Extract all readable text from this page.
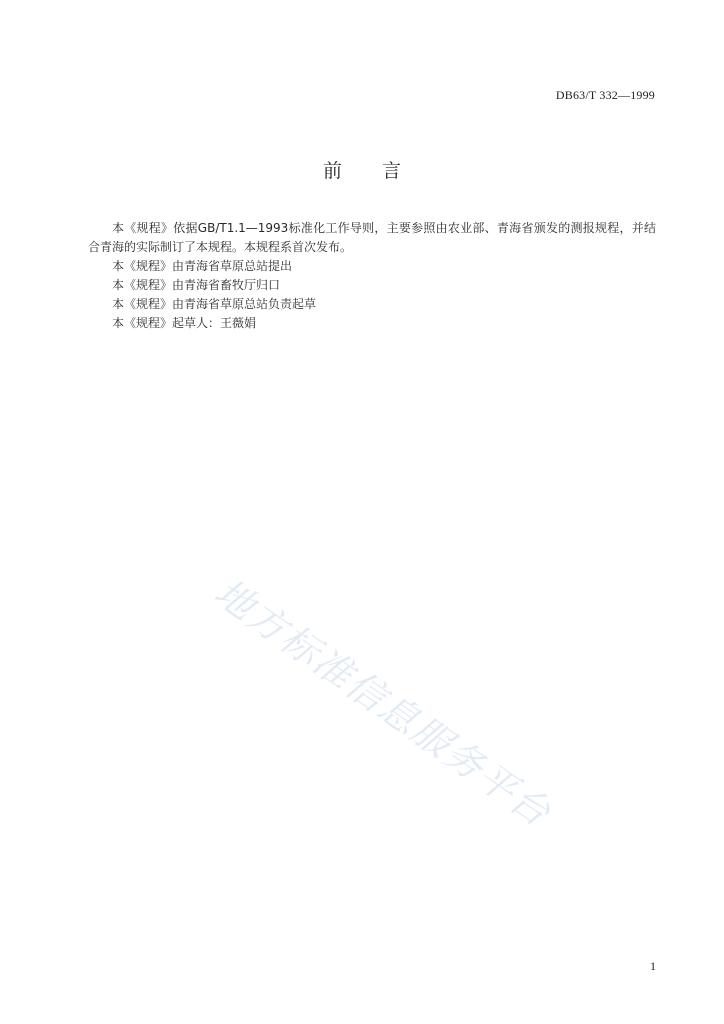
DB63/T 332—1999
前 言

本《规程》依据GB/T1.1—1993标准化工作导则，主要参照由农业部、青海省颁发的测报规程，并结合青海的实际制订了本规程。本规程系首次发布。

本《规程》由青海省草原总站提出

本《规程》由青海省畜牧厅归口

本《规程》由青海省草原总站负责起草

本《规程》起草人：王薇娟

地方标准信息服务平台
1
